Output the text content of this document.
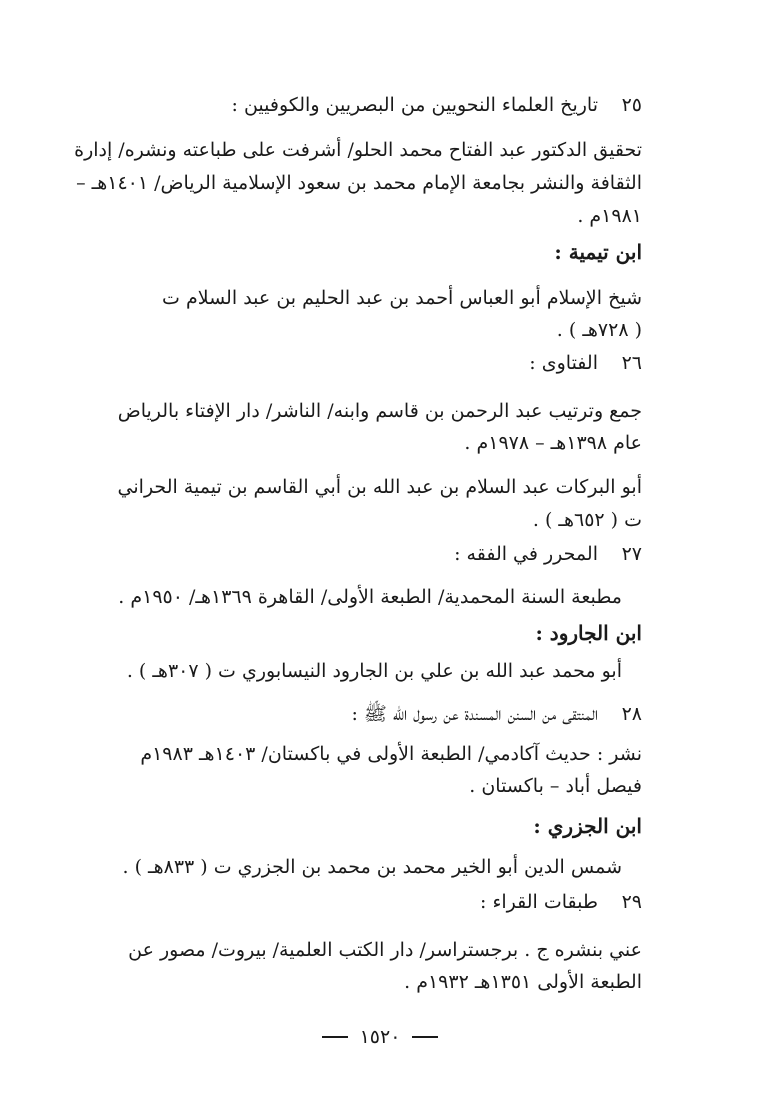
٢٥
تاريخ العلماء النحويين من البصريين والكوفيين :
تحقيق الدكتور عبد الفتاح محمد الحلو/ أشرفت على طباعته ونشره/ إدارة
الثقافة والنشر بجامعة الإمام محمد بن سعود الإسلامية الرياض/ ١٤٠١هـ –
١٩٨١م .
ابن تيمية :
شيخ الإسلام أبو العباس أحمد بن عبد الحليم بن عبد السلام ت
( ٧٢٨هـ ) .
٢٦
الفتاوى :
جمع وترتيب عبد الرحمن بن قاسم وابنه/ الناشر/ دار الإفتاء بالرياض
عام ١٣٩٨هـ – ١٩٧٨م .
أبو البركات عبد السلام بن عبد الله بن أبي القاسم بن تيمية الحراني
ت ( ٦٥٢هـ ) .
٢٧
المحرر في الفقه :
مطبعة السنة المحمدية/ الطبعة الأولى/ القاهرة ١٣٦٩هـ/ ١٩٥٠م .
ابن الجارود :
أبو محمد عبد الله بن علي بن الجارود النيسابوري ت ( ٣٠٧هـ ) .
٢٨
المنتقى من السنن المسندة عن رسول الله ﷺ :
نشر : حديث آكادمي/ الطبعة الأولى في باكستان/ ١٤٠٣هـ ١٩٨٣م
فيصل أباد – باكستان .
ابن الجزري :
شمس الدين أبو الخير محمد بن محمد بن الجزري ت ( ٨٣٣هـ ) .
٢٩
طبقات القراء :
عني بنشره ج . برجستراسر/ دار الكتب العلمية/ بيروت/ مصور عن
الطبعة الأولى ١٣٥١هـ ١٩٣٢م .
١٥٢٠
